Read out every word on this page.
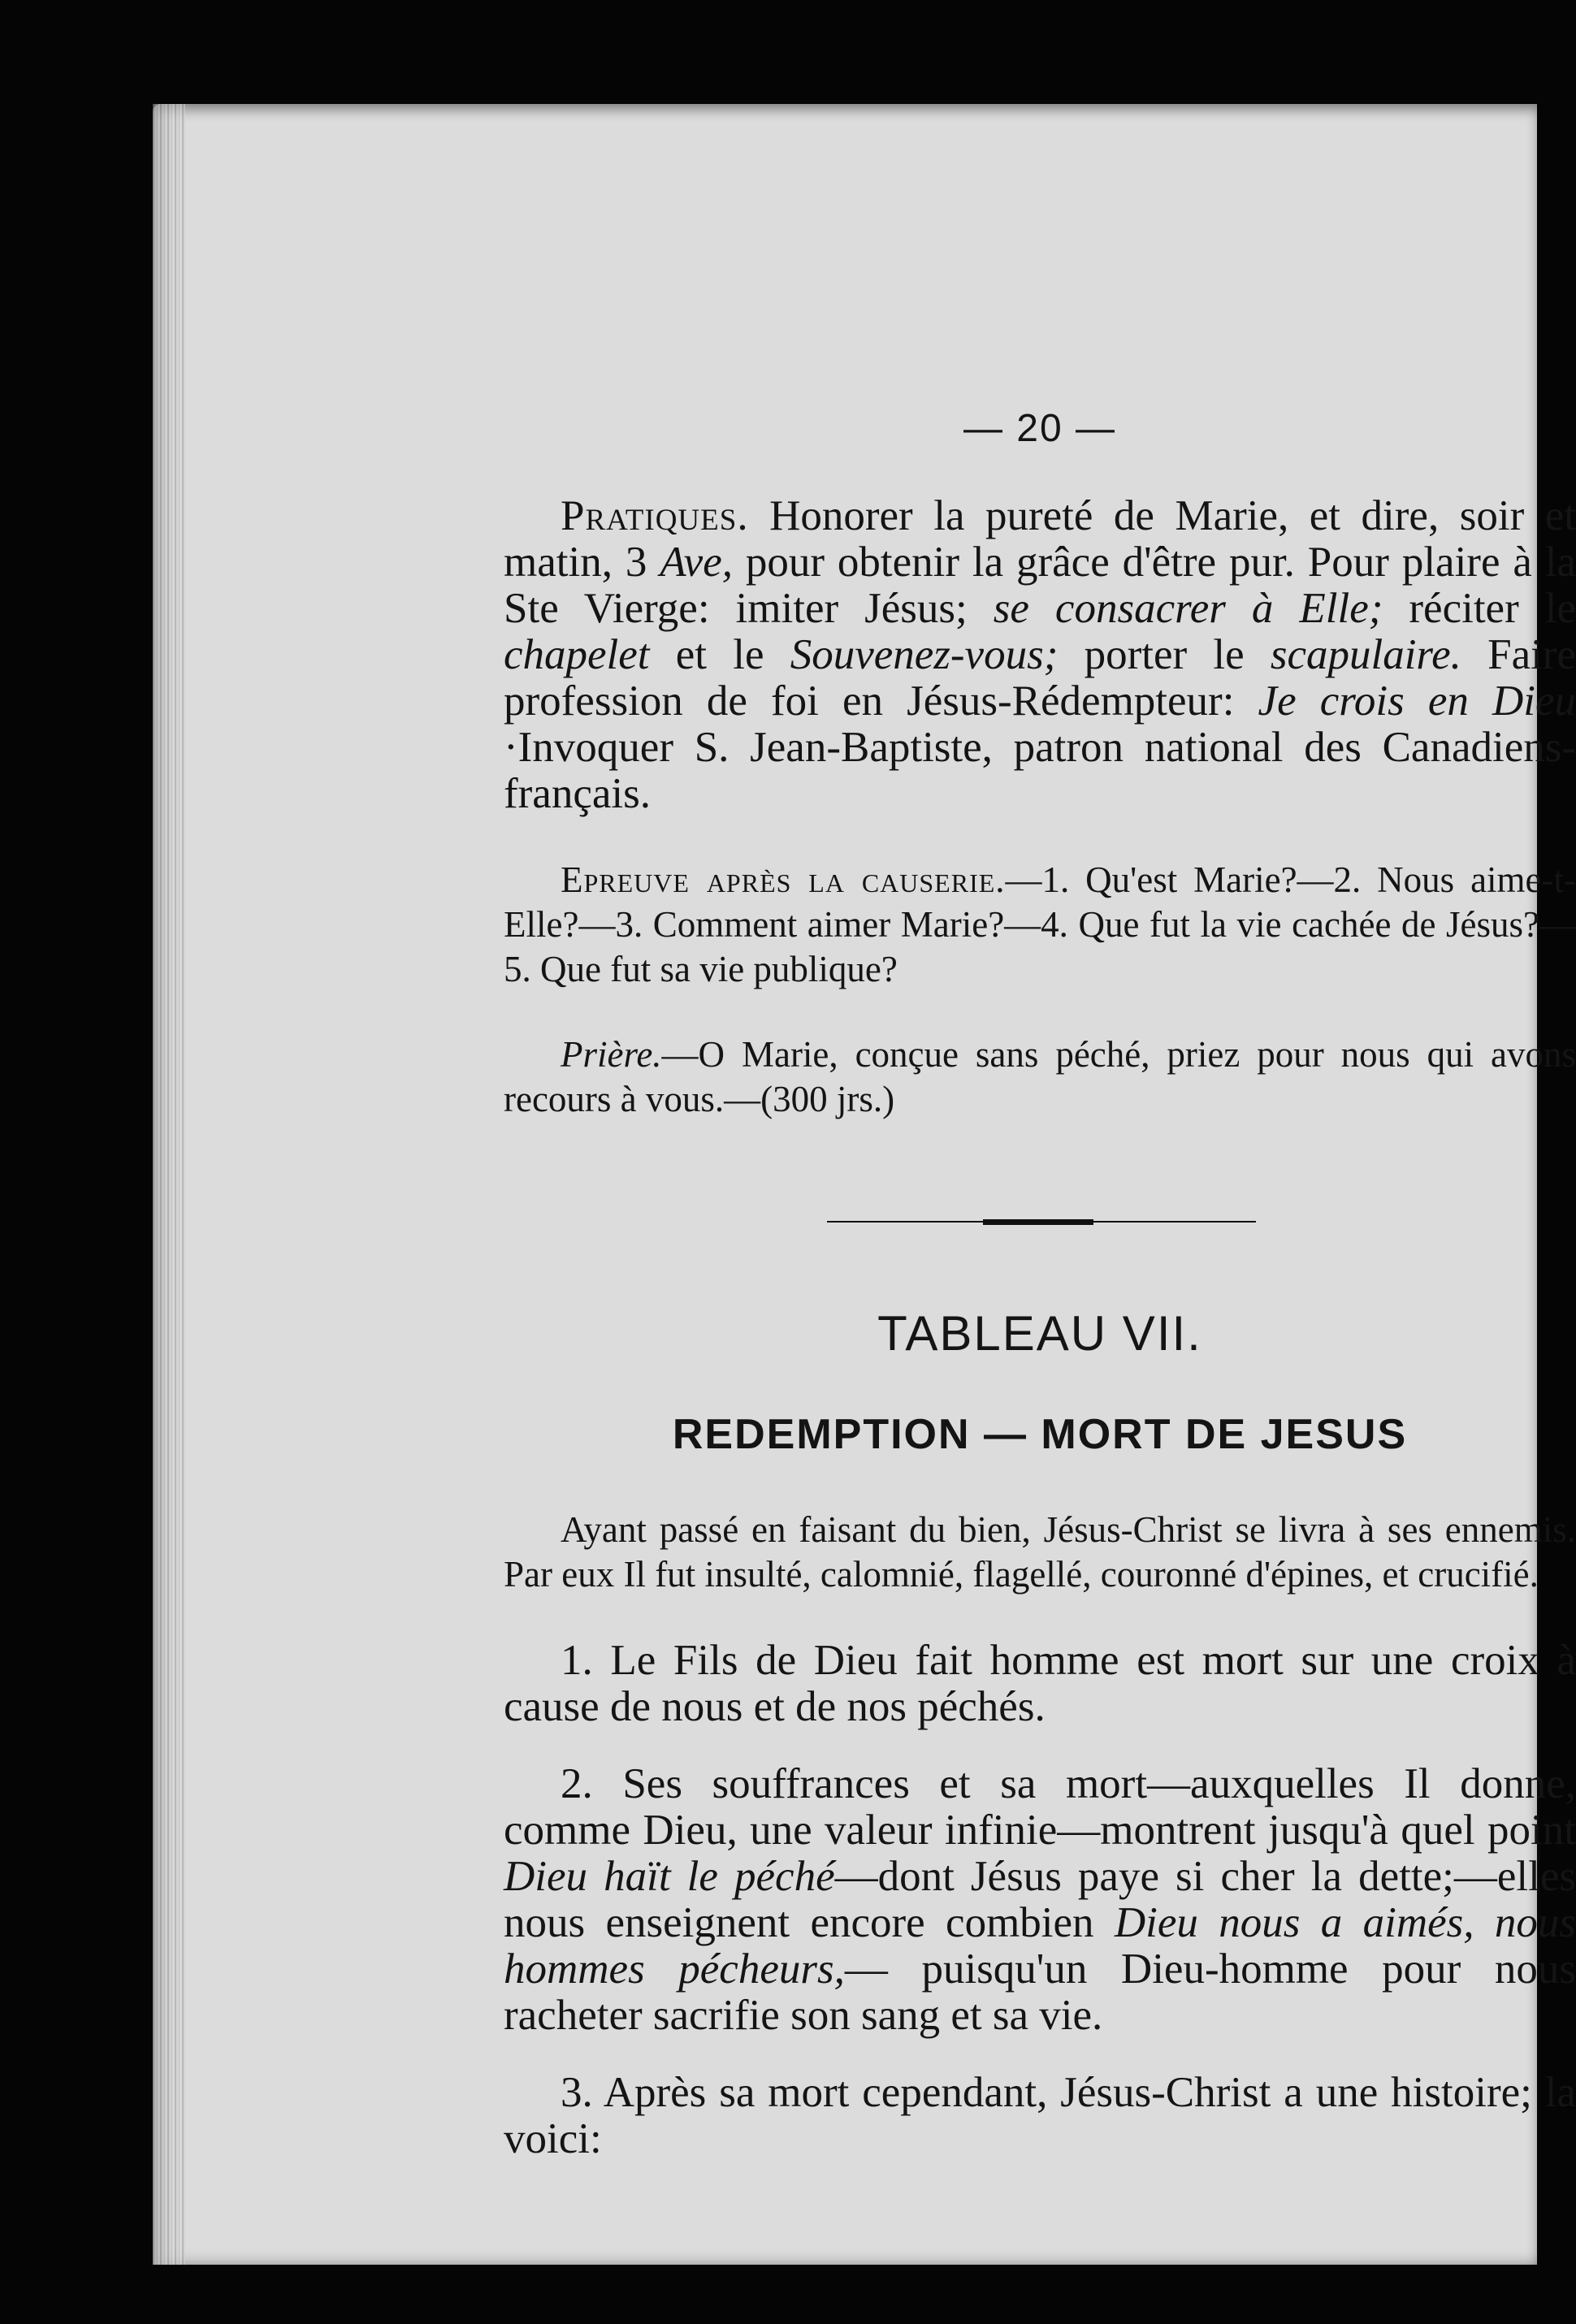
— 20 —

Pratiques. Honorer la pureté de Marie, et dire, soir et matin, 3 Ave, pour obtenir la grâce d'être pur. Pour plaire à la Ste Vierge: imiter Jésus; se consacrer à Elle; réciter le chapelet et le Souvenez-vous; porter le scapulaire. Faire profession de foi en Jésus-Rédempteur: Je crois en Dieu ·Invoquer S. Jean-Baptiste, patron national des Canadiens-français.

Epreuve après la causerie.—1. Qu'est Marie?—2. Nous aime-t-Elle?—3. Comment aimer Marie?—4. Que fut la vie cachée de Jésus?—5. Que fut sa vie publique?

Prière.—O Marie, conçue sans péché, priez pour nous qui avons recours à vous.—(300 jrs.)

TABLEAU VII.
REDEMPTION — MORT DE JESUS

Ayant passé en faisant du bien, Jésus-Christ se livra à ses ennemis. Par eux Il fut insulté, calomnié, flagellé, couronné d'épines, et crucifié.

1. Le Fils de Dieu fait homme est mort sur une croix à cause de nous et de nos péchés.

2. Ses souffrances et sa mort—auxquelles Il donne, comme Dieu, une valeur infinie—montrent jusqu'à quel point Dieu haït le péché—dont Jésus paye si cher la dette;—elles nous enseignent encore combien Dieu nous a aimés, nous hommes pécheurs,— puisqu'un Dieu-homme pour nous racheter sacrifie son sang et sa vie.

3. Après sa mort cependant, Jésus-Christ a une histoire; la voici:
